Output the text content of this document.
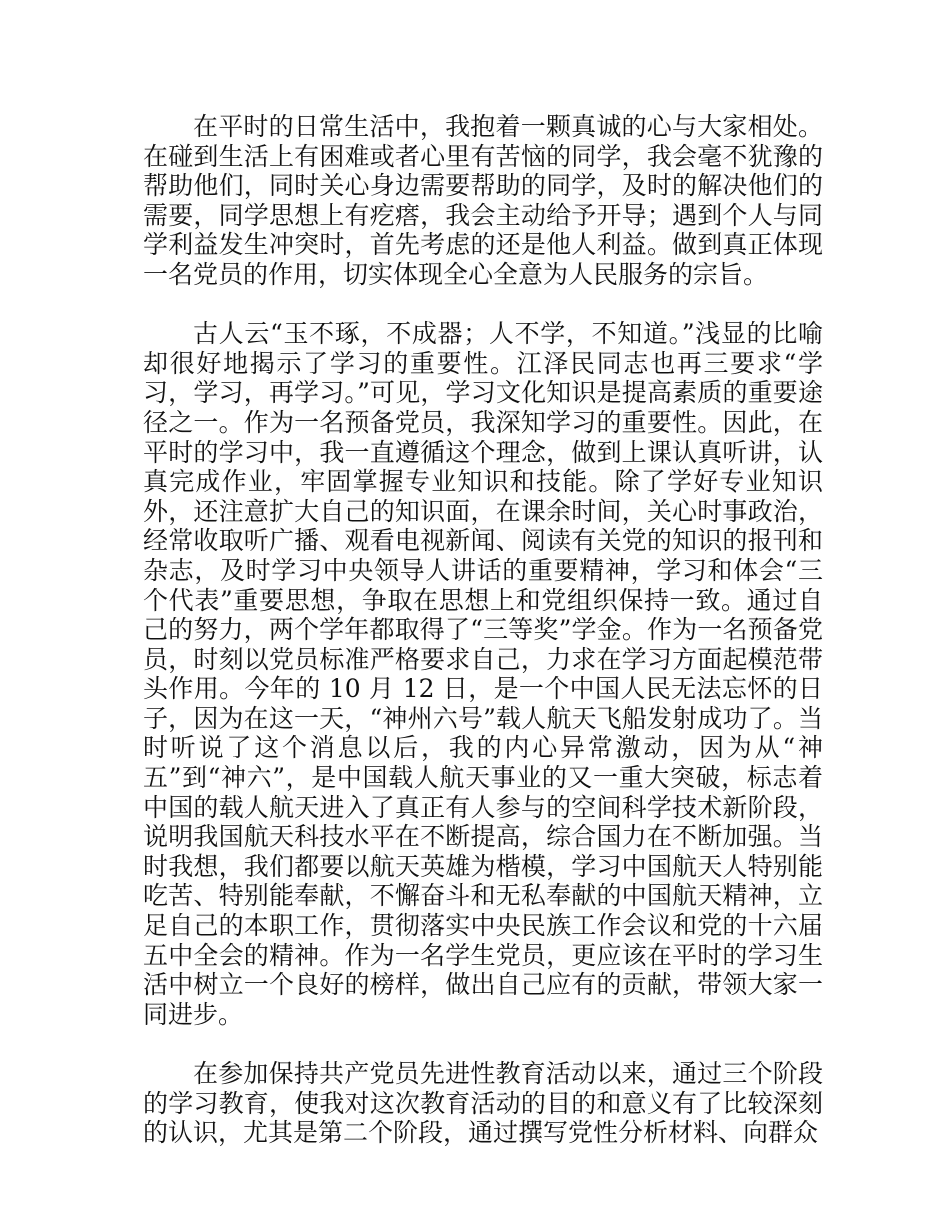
在平时的日常生活中，我抱着一颗真诚的心与大家相处。在碰到生活上有困难或者心里有苦恼的同学，我会毫不犹豫的帮助他们，同时关心身边需要帮助的同学，及时的解决他们的需要，同学思想上有疙瘩，我会主动给予开导；遇到个人与同学利益发生冲突时，首先考虑的还是他人利益。做到真正体现一名党员的作用，切实体现全心全意为人民服务的宗旨。

古人云“玉不琢，不成器；人不学，不知道。”浅显的比喻却很好地揭示了学习的重要性。江泽民同志也再三要求“学习，学习，再学习。”可见，学习文化知识是提高素质的重要途径之一。作为一名预备党员，我深知学习的重要性。因此，在平时的学习中，我一直遵循这个理念，做到上课认真听讲，认真完成作业，牢固掌握专业知识和技能。除了学好专业知识外，还注意扩大自己的知识面，在课余时间，关心时事政治，经常收取听广播、观看电视新闻、阅读有关党的知识的报刊和杂志，及时学习中央领导人讲话的重要精神，学习和体会“三个代表”重要思想，争取在思想上和党组织保持一致。通过自己的努力，两个学年都取得了“三等奖”学金。作为一名预备党员，时刻以党员标准严格要求自己，力求在学习方面起模范带头作用。今年的 10 月 12 日，是一个中国人民无法忘怀的日子，因为在这一天，“神州六号”载人航天飞船发射成功了。当时听说了这个消息以后，我的内心异常激动，因为从“神五”到“神六”，是中国载人航天事业的又一重大突破，标志着中国的载人航天进入了真正有人参与的空间科学技术新阶段，说明我国航天科技水平在不断提高，综合国力在不断加强。当时我想，我们都要以航天英雄为楷模，学习中国航天人特别能吃苦、特别能奉献，不懈奋斗和无私奉献的中国航天精神，立足自己的本职工作，贯彻落实中央民族工作会议和党的十六届五中全会的精神。作为一名学生党员，更应该在平时的学习生活中树立一个良好的榜样，做出自己应有的贡献，带领大家一同进步。

在参加保持共产党员先进性教育活动以来，通过三个阶段的学习教育，使我对这次教育活动的目的和意义有了比较深刻的认识，尤其是第二个阶段，通过撰写党性分析材料、向群众
